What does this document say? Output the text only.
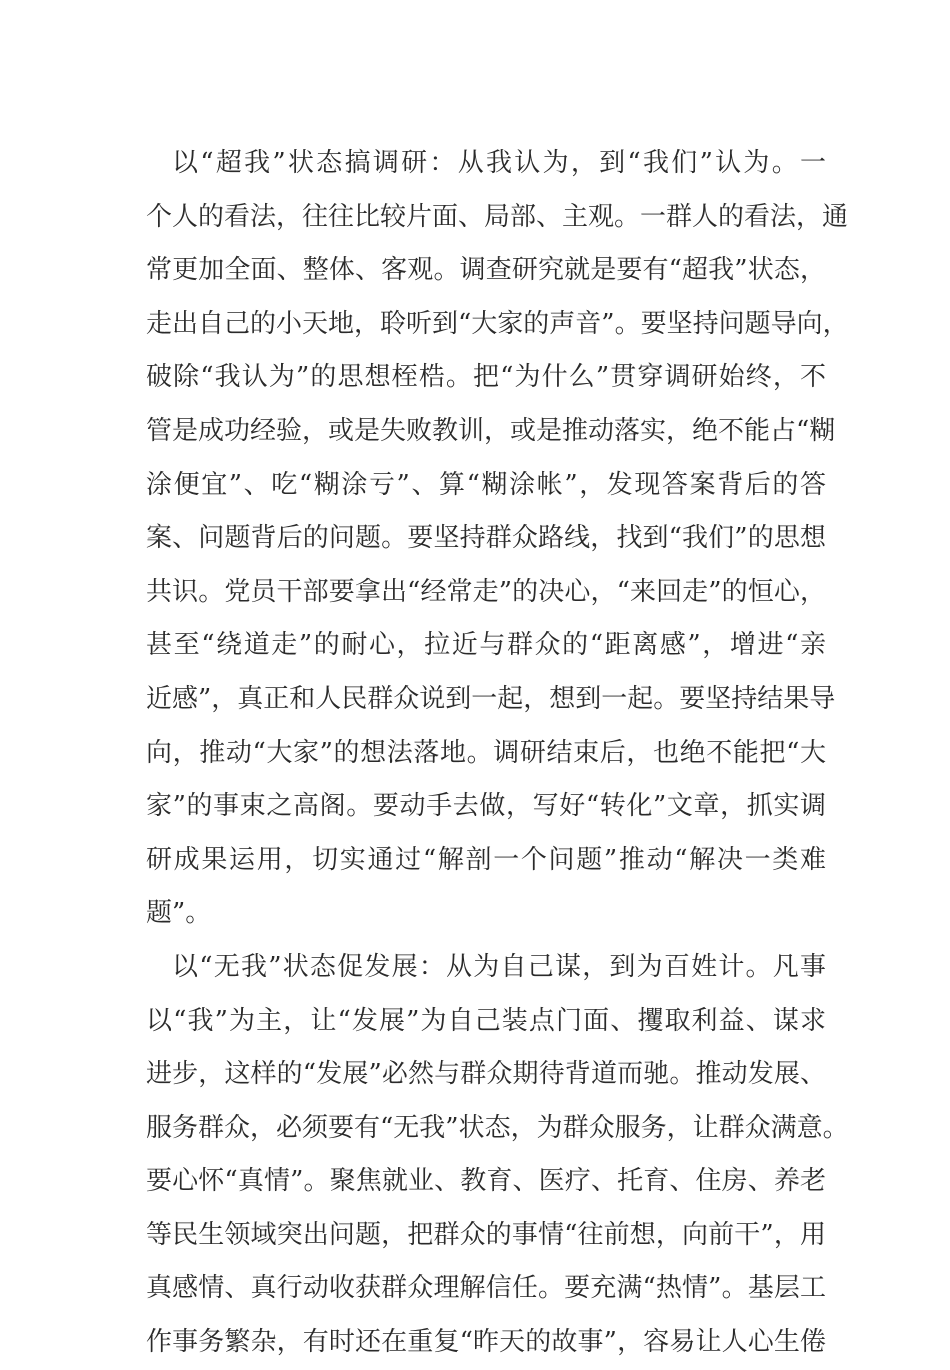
以“超我”状态搞调研：从我认为，到“我们”认为。一
个人的看法，往往比较片面、局部、主观。一群人的看法，通
常更加全面、整体、客观。调查研究就是要有“超我”状态，
走出自己的小天地，聆听到“大家的声音”。要坚持问题导向，
破除“我认为”的思想桎梏。把“为什么”贯穿调研始终，不
管是成功经验，或是失败教训，或是推动落实，绝不能占“糊
涂便宜”、吃“糊涂亏”、算“糊涂帐”，发现答案背后的答
案、问题背后的问题。要坚持群众路线，找到“我们”的思想
共识。党员干部要拿出“经常走”的决心，“来回走”的恒心，
甚至“绕道走”的耐心，拉近与群众的“距离感”，增进“亲
近感”，真正和人民群众说到一起，想到一起。要坚持结果导
向，推动“大家”的想法落地。调研结束后，也绝不能把“大
家”的事束之高阁。要动手去做，写好“转化”文章，抓实调
研成果运用，切实通过“解剖一个问题”推动“解决一类难
题”。
以“无我”状态促发展：从为自己谋，到为百姓计。凡事
以“我”为主，让“发展”为自己装点门面、攫取利益、谋求
进步，这样的“发展”必然与群众期待背道而驰。推动发展、
服务群众，必须要有“无我”状态，为群众服务，让群众满意。
要心怀“真情”。聚焦就业、教育、医疗、托育、住房、养老
等民生领域突出问题，把群众的事情“往前想，向前干”，用
真感情、真行动收获群众理解信任。要充满“热情”。基层工
作事务繁杂，有时还在重复“昨天的故事”，容易让人心生倦
